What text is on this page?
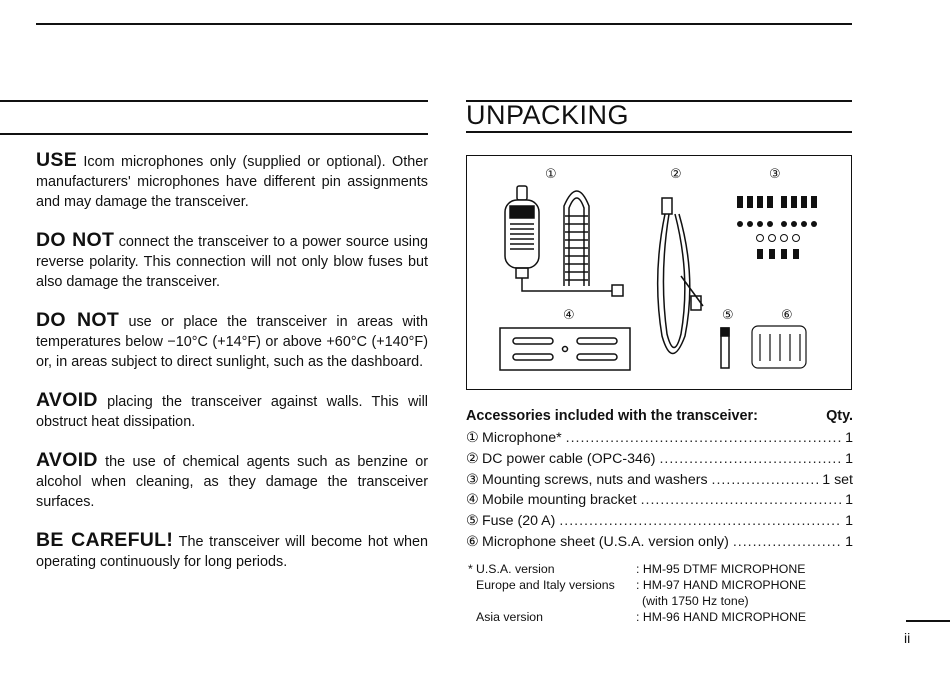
USE Icom microphones only (supplied or optional). Other manufacturers' microphones have different pin assignments and may damage the transceiver.

DO NOT connect the transceiver to a power source using reverse polarity. This connection will not only blow fuses but also damage the transceiver.

DO NOT use or place the transceiver in areas with temperatures below −10°C (+14°F) or above +60°C (+140°F) or, in areas subject to direct sunlight, such as the dashboard.

AVOID placing the transceiver against walls. This will obstruct heat dissipation.

AVOID the use of chemical agents such as benzine or alcohol when cleaning, as they damage the transceiver surfaces.

BE CAREFUL! The transceiver will become hot when operating continuously for long periods.

UNPACKING
①	②	③
④	⑤	⑥
Accessories included with the transceiver:	Qty.
① Microphone* .....	1
② DC power cable (OPC-346) .....	1
③ Mounting screws, nuts and washers .....	1 set
④ Mobile mounting bracket .....	1
⑤ Fuse (20 A) .....	1
⑥ Microphone sheet (U.S.A. version only) .....	1
* U.S.A. version	: HM-95 DTMF MICROPHONE
Europe and Italy versions	: HM-97 HAND MICROPHONE
(with 1750 Hz tone)
Asia version	: HM-96 HAND MICROPHONE
ii
